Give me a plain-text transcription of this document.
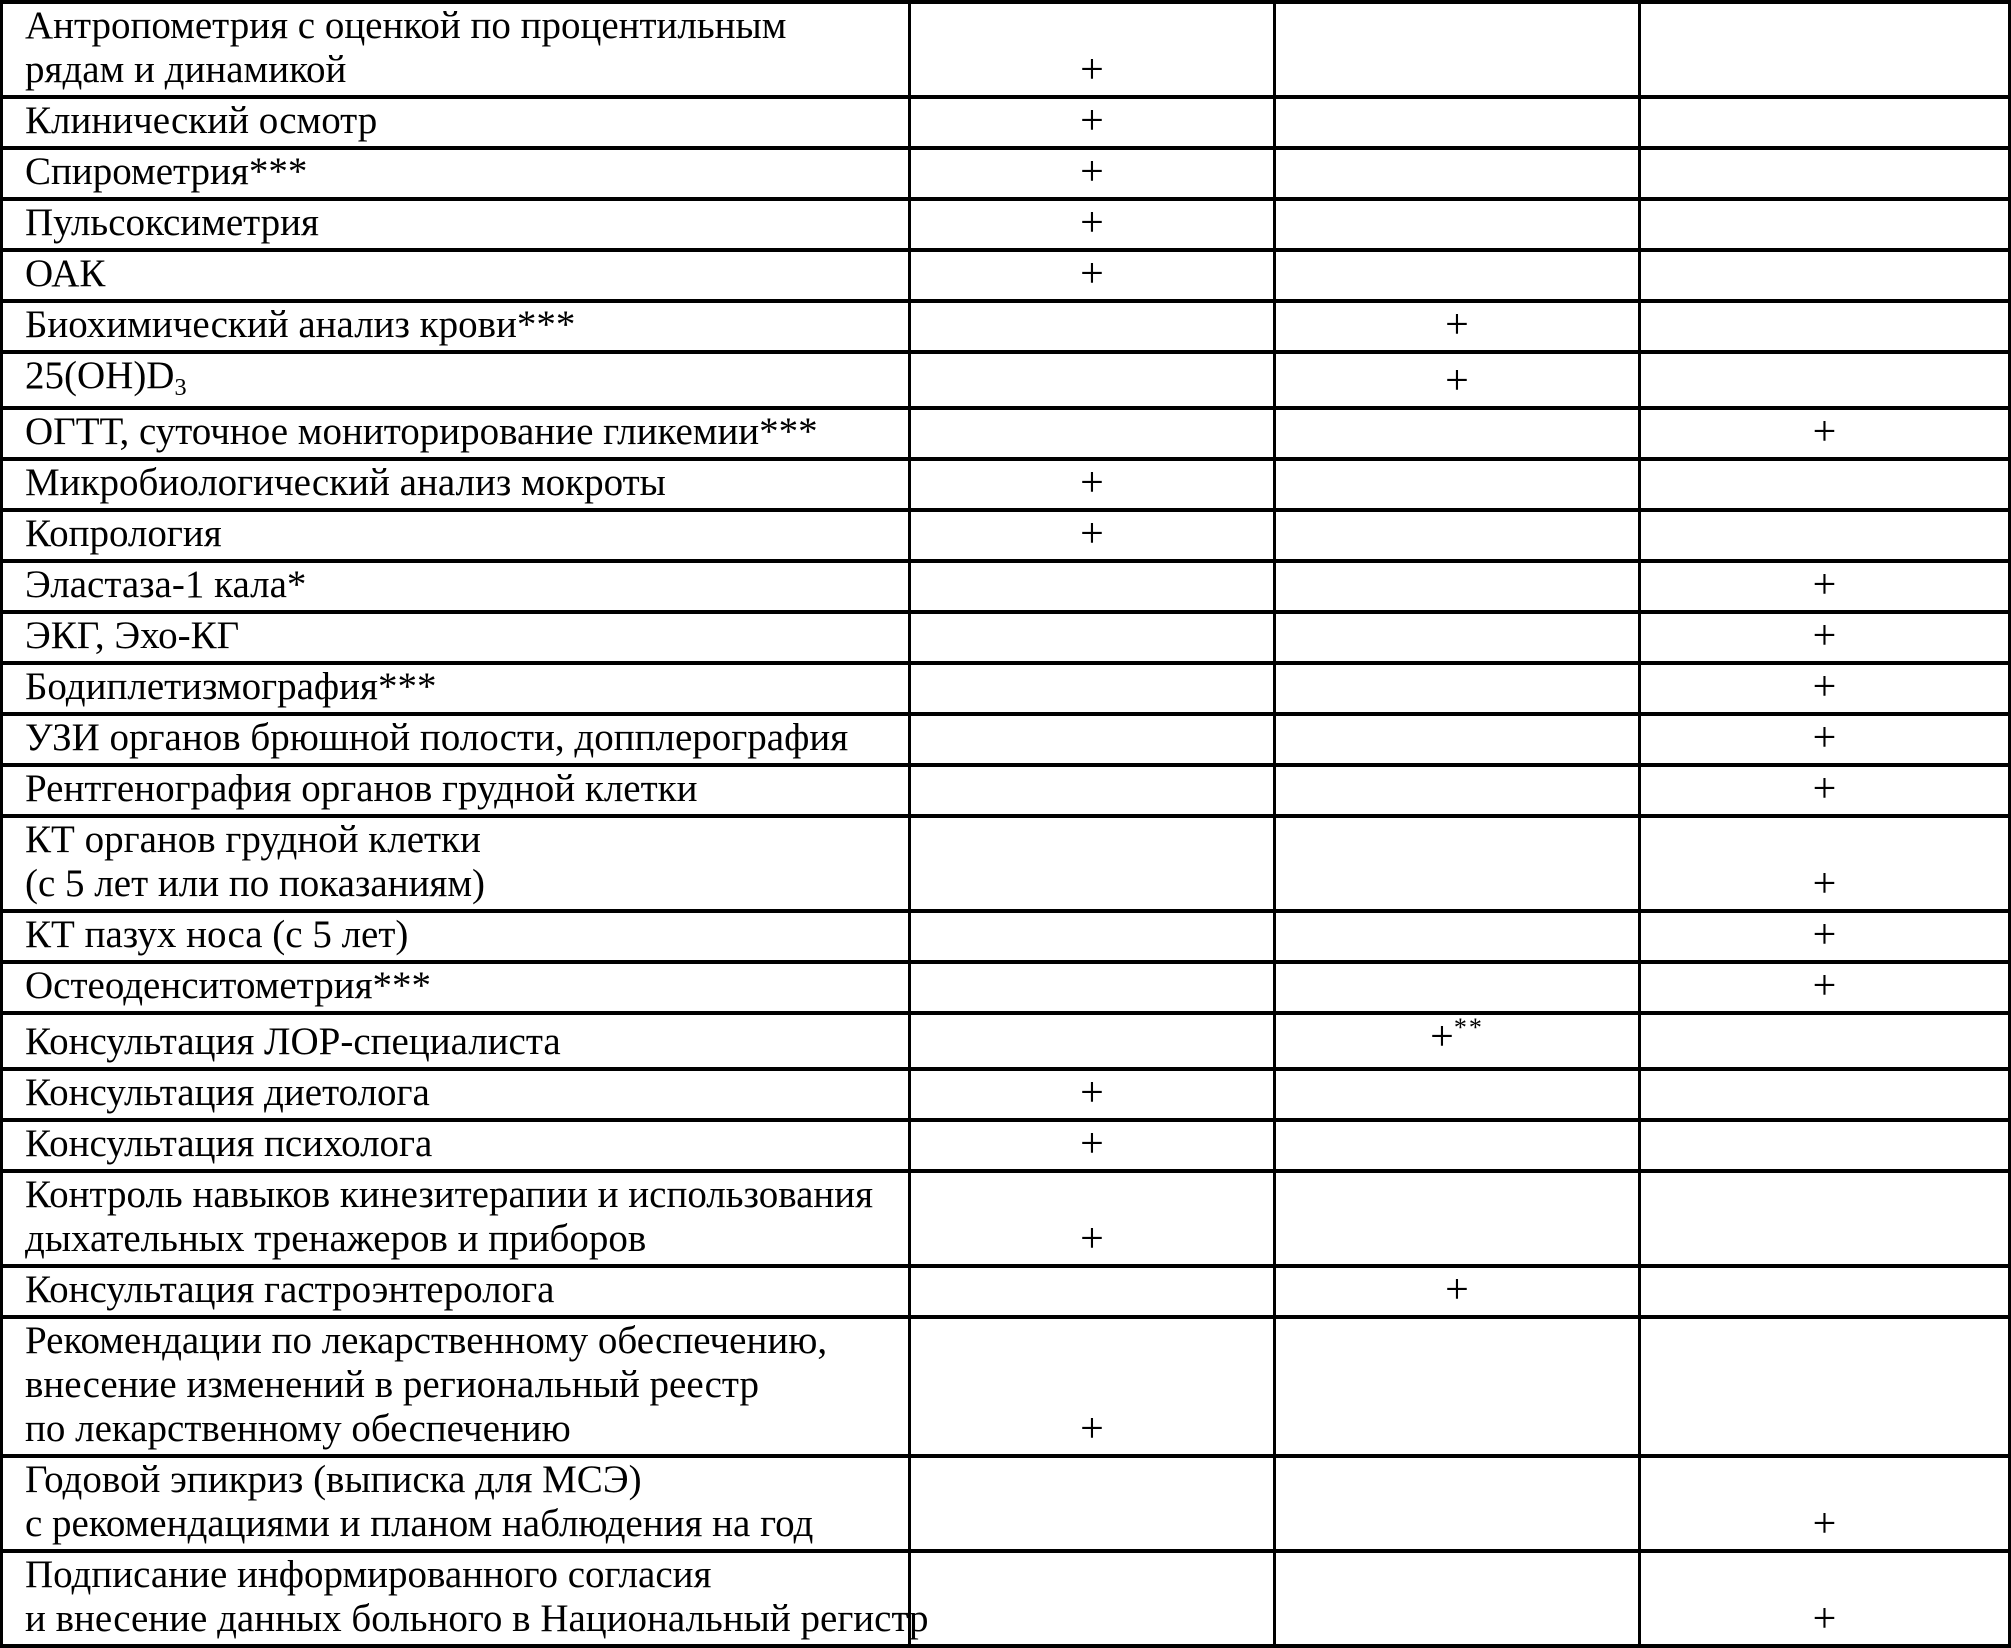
Антропометрия с оценкой по процентильным
рядам и динамикой	+		

Клинический осмотр	+		

Спирометрия***	+		

Пульсоксиметрия	+		

ОАК	+		

Биохимический анализ крови***		+	

25(OH)D3		+	

ОГТТ, суточное мониторирование гликемии***			+

Микробиологический анализ мокроты	+		

Копрология	+		

Эластаза-1 кала*			+

ЭКГ, Эхо-КГ			+

Бодиплетизмография***			+

УЗИ органов брюшной полости, допплерография			+

Рентгенография органов грудной клетки			+

КТ органов грудной клетки
(с 5 лет или по показаниям)			+

КТ пазух носа (с 5 лет)			+

Остеоденситометрия***			+

Консультация ЛОР-специалиста		+**	

Консультация диетолога	+		

Консультация психолога	+		

Контроль навыков кинезитерапии и использования
дыхательных тренажеров и приборов	+		

Консультация гастроэнтеролога		+	

Рекомендации по лекарственному обеспечению,
внесение изменений в региональный реестр
по лекарственному обеспечению	+		

Годовой эпикриз (выписка для МСЭ)
с рекомендациями и планом наблюдения на год			+

Подписание информированного согласия
и внесение данных больного в Национальный регистр			+
